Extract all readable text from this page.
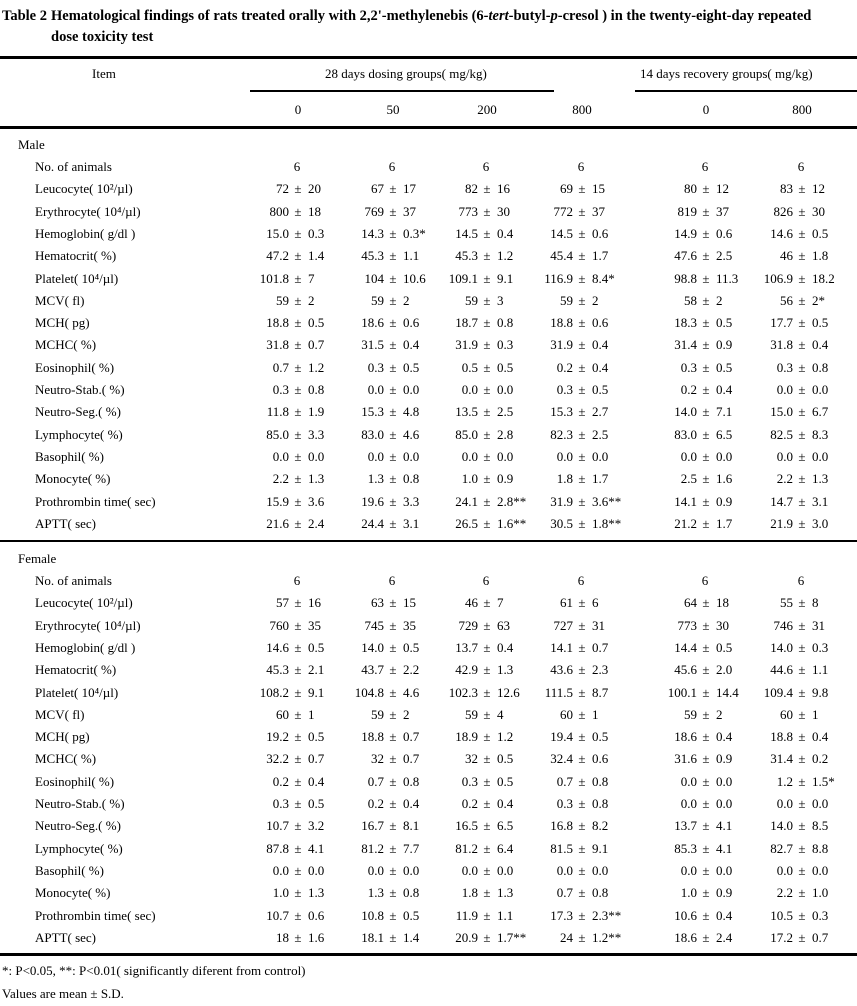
Table 2 Hematological findings of rats treated orally with 2,2'-methylenebis (6-tert-butyl-p-cresol ) in the twenty-eight-day repeated dose toxicity test
Item	28 days dosing groups( mg/kg)	14 days recovery groups( mg/kg)
0	50	200	800	0	800
Male
No. of animals	6	6	6	6	6	6
Leucocyte( 10²/µl)	72 ± 20	67 ± 17	82 ± 16	69 ± 15	80 ± 12	83 ± 12
Erythrocyte( 10⁴/µl)	800 ± 18	769 ± 37	773 ± 30	772 ± 37	819 ± 37	826 ± 30
Hemoglobin( g/dl )	15.0 ± 0.3	14.3 ± 0.3* 14.5 ± 0.4	14.5 ± 0.6	14.9 ± 0.6	14.6 ± 0.5
Hematocrit( %)	47.2 ± 1.4	45.3 ± 1.1	45.3 ± 1.2	45.4 ± 1.7	47.6 ± 2.5	46 ± 1.8
Platelet( 10⁴/µl)	101.8 ± 7	104 ± 10.6 109.1 ± 9.1 116.9 ± 8.4*	98.8 ± 11.3 106.9 ± 18.2
MCV( fl)	59 ± 2	59 ± 2	59 ± 3	59 ± 2	58 ± 2	56 ± 2*
MCH( pg)	18.8 ± 0.5	18.6 ± 0.6	18.7 ± 0.8	18.8 ± 0.6	18.3 ± 0.5	17.7 ± 0.5
MCHC( %)	31.8 ± 0.7	31.5 ± 0.4	31.9 ± 0.3	31.9 ± 0.4	31.4 ± 0.9	31.8 ± 0.4
Eosinophil( %)	0.7 ± 1.2	0.3 ± 0.5	0.5 ± 0.5	0.2 ± 0.4	0.3 ± 0.5	0.3 ± 0.8
Neutro-Stab.( %)	0.3 ± 0.8	0.0 ± 0.0	0.0 ± 0.0	0.3 ± 0.5	0.2 ± 0.4	0.0 ± 0.0
Neutro-Seg.( %)	11.8 ± 1.9	15.3 ± 4.8	13.5 ± 2.5	15.3 ± 2.7	14.0 ± 7.1	15.0 ± 6.7
Lymphocyte( %)	85.0 ± 3.3	83.0 ± 4.6	85.0 ± 2.8	82.3 ± 2.5	83.0 ± 6.5	82.5 ± 8.3
Basophil( %)	0.0 ± 0.0	0.0 ± 0.0	0.0 ± 0.0	0.0 ± 0.0	0.0 ± 0.0	0.0 ± 0.0
Monocyte( %)	2.2 ± 1.3	1.3 ± 0.8	1.0 ± 0.9	1.8 ± 1.7	2.5 ± 1.6	2.2 ± 1.3
Prothrombin time( sec)	15.9 ± 3.6	19.6 ± 3.3	24.1 ± 2.8** 31.9 ± 3.6**	14.1 ± 0.9	14.7 ± 3.1
APTT( sec)	21.6 ± 2.4	24.4 ± 3.1	26.5 ± 1.6** 30.5 ± 1.8**	21.2 ± 1.7	21.9 ± 3.0
Female
No. of animals	6	6	6	6	6	6
Leucocyte( 10²/µl)	57 ± 16	63 ± 15	46 ± 7	61 ± 6	64 ± 18	55 ± 8
Erythrocyte( 10⁴/µl)	760 ± 35	745 ± 35	729 ± 63	727 ± 31	773 ± 30	746 ± 31
Hemoglobin( g/dl )	14.6 ± 0.5	14.0 ± 0.5	13.7 ± 0.4	14.1 ± 0.7	14.4 ± 0.5	14.0 ± 0.3
Hematocrit( %)	45.3 ± 2.1	43.7 ± 2.2	42.9 ± 1.3	43.6 ± 2.3	45.6 ± 2.0	44.6 ± 1.1
Platelet( 10⁴/µl)	108.2 ± 9.1 104.8 ± 4.6 102.3 ± 12.6 111.5 ± 8.7	100.1 ± 14.4 109.4 ± 9.8
MCV( fl)	60 ± 1	59 ± 2	59 ± 4	60 ± 1	59 ± 2	60 ± 1
MCH( pg)	19.2 ± 0.5	18.8 ± 0.7	18.9 ± 1.2	19.4 ± 0.5	18.6 ± 0.4	18.8 ± 0.4
MCHC( %)	32.2 ± 0.7	32 ± 0.7	32 ± 0.5	32.4 ± 0.6	31.6 ± 0.9	31.4 ± 0.2
Eosinophil( %)	0.2 ± 0.4	0.7 ± 0.8	0.3 ± 0.5	0.7 ± 0.8	0.0 ± 0.0	1.2 ± 1.5*
Neutro-Stab.( %)	0.3 ± 0.5	0.2 ± 0.4	0.2 ± 0.4	0.3 ± 0.8	0.0 ± 0.0	0.0 ± 0.0
Neutro-Seg.( %)	10.7 ± 3.2	16.7 ± 8.1	16.5 ± 6.5	16.8 ± 8.2	13.7 ± 4.1	14.0 ± 8.5
Lymphocyte( %)	87.8 ± 4.1	81.2 ± 7.7	81.2 ± 6.4	81.5 ± 9.1	85.3 ± 4.1	82.7 ± 8.8
Basophil( %)	0.0 ± 0.0	0.0 ± 0.0	0.0 ± 0.0	0.0 ± 0.0	0.0 ± 0.0	0.0 ± 0.0
Monocyte( %)	1.0 ± 1.3	1.3 ± 0.8	1.8 ± 1.3	0.7 ± 0.8	1.0 ± 0.9	2.2 ± 1.0
Prothrombin time( sec)	10.7 ± 0.6	10.8 ± 0.5	11.9 ± 1.1	17.3 ± 2.3**	10.6 ± 0.4	10.5 ± 0.3
APTT( sec)	18 ± 1.6	18.1 ± 1.4	20.9 ± 1.7**	24 ± 1.2**	18.6 ± 2.4	17.2 ± 0.7
*: P<0.05, **: P<0.01( significantly diferent from control)
Values are mean ± S.D.
